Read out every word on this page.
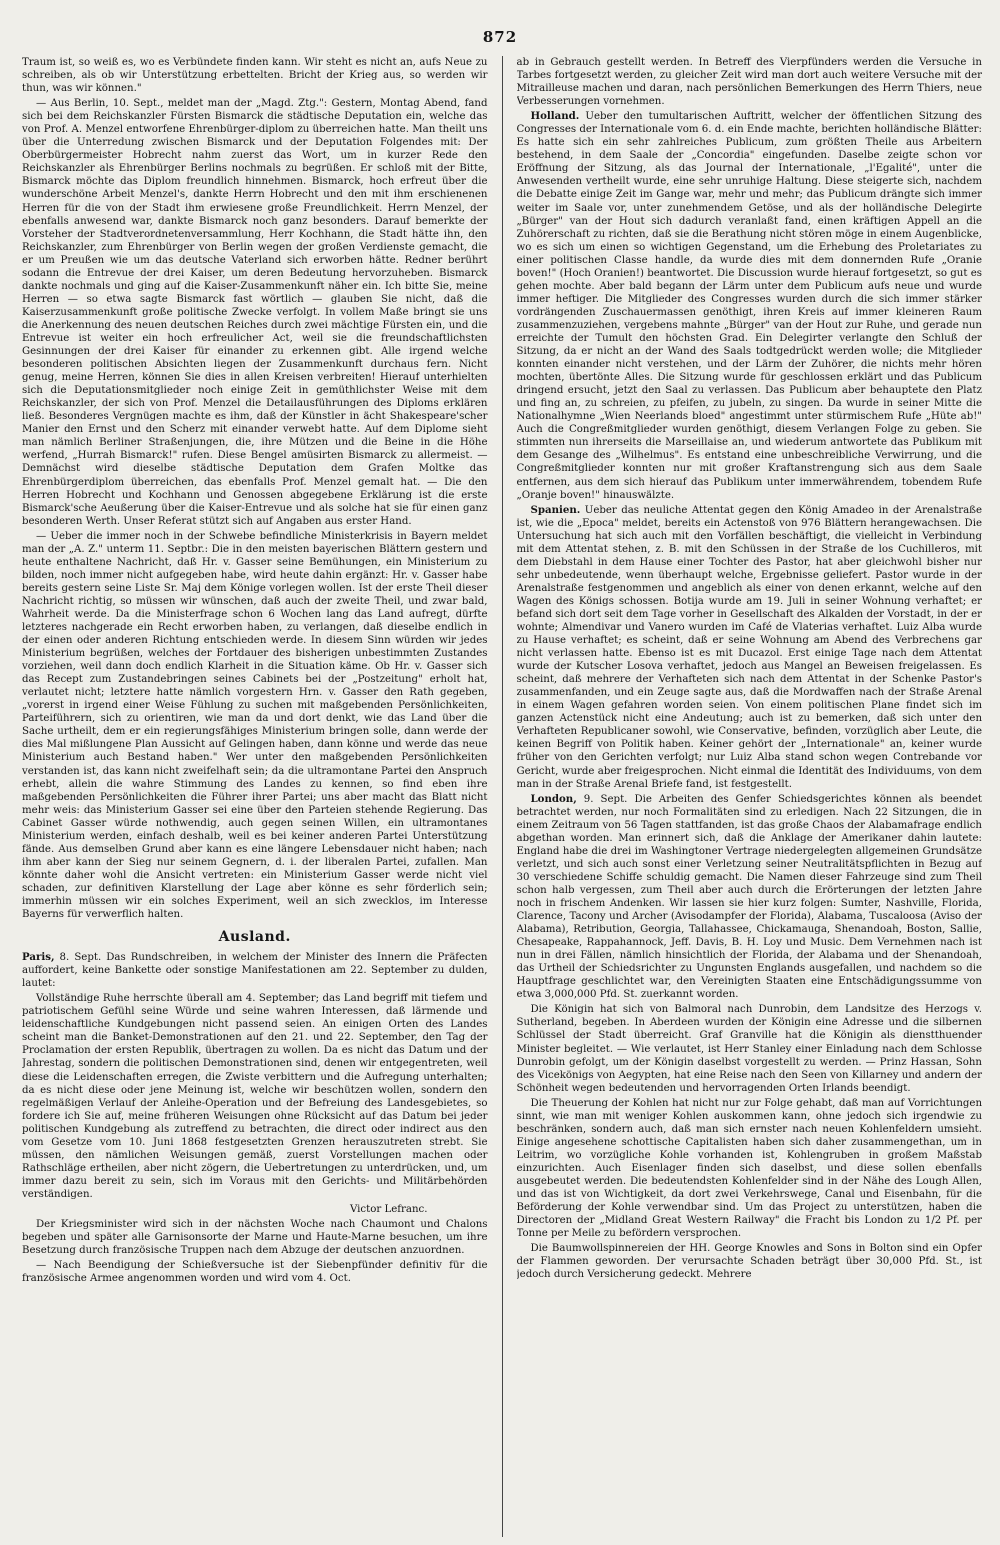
872

Traum ist, so weiß es, wo es Verbündete finden kann. Wir steht es nicht an, aufs Neue zu schreiben, als ob wir Unterstützung erbettelten. Bricht der Krieg aus, so werden wir thun, was wir können."

— Aus Berlin, 10. Sept., meldet man der „Magd. Ztg.": Gestern, Montag Abend, fand sich bei dem Reichskanzler Fürsten Bismarck die städtische Deputation ein, welche das von Prof. A. Menzel entworfene Ehrenbürger-diplom zu überreichen hatte. Man theilt uns über die Unterredung zwischen Bismarck und der Deputation Folgendes mit: Der Oberbürgermeister Hobrecht nahm zuerst das Wort, um in kurzer Rede den Reichskanzler als Ehrenbürger Berlins nochmals zu begrüßen. Er schloß mit der Bitte, Bismarck möchte das Diplom freundlich hinnehmen. Bismarck, hoch erfreut über die wunderschöne Arbeit Menzel's, dankte Herrn Hobrecht und den mit ihm erschienenen Herren für die von der Stadt ihm erwiesene große Freundlichkeit. Herrn Menzel, der ebenfalls anwesend war, dankte Bismarck noch ganz besonders. Darauf bemerkte der Vorsteher der Stadtverordnetenversammlung, Herr Kochhann, die Stadt hätte ihn, den Reichskanzler, zum Ehrenbürger von Berlin wegen der großen Verdienste gemacht, die er um Preußen wie um das deutsche Vaterland sich erworben hätte. Redner berührt sodann die Entrevue der drei Kaiser, um deren Bedeutung hervorzuheben. Bismarck dankte nochmals und ging auf die Kaiser-Zusammenkunft näher ein. Ich bitte Sie, meine Herren — so etwa sagte Bismarck fast wörtlich — glauben Sie nicht, daß die Kaiserzusammenkunft große politische Zwecke verfolgt. In vollem Maße bringt sie uns die Anerkennung des neuen deutschen Reiches durch zwei mächtige Fürsten ein, und die Entrevue ist weiter ein hoch erfreulicher Act, weil sie die freundschaftlichsten Gesinnungen der drei Kaiser für einander zu erkennen gibt. Alle irgend welche besonderen politischen Absichten liegen der Zusammenkunft durchaus fern. Nicht genug, meine Herren, können Sie dies in allen Kreisen verbreiten! Hierauf unterhielten sich die Deputationsmitglieder noch einige Zeit in gemüthlichster Weise mit dem Reichskanzler, der sich von Prof. Menzel die Detailausführungen des Diploms erklären ließ. Besonderes Vergnügen machte es ihm, daß der Künstler in ächt Shakespeare'scher Manier den Ernst und den Scherz mit einander verwebt hatte. Auf dem Diplome sieht man nämlich Berliner Straßenjungen, die, ihre Mützen und die Beine in die Höhe werfend, „Hurrah Bismarck!" rufen. Diese Bengel amüsirten Bismarck zu allermeist. — Demnächst wird dieselbe städtische Deputation dem Grafen Moltke das Ehrenbürgerdiplom überreichen, das ebenfalls Prof. Menzel gemalt hat. — Die den Herren Hobrecht und Kochhann und Genossen abgegebene Erklärung ist die erste Bismarck'sche Aeußerung über die Kaiser-Entrevue und als solche hat sie für einen ganz besonderen Werth. Unser Referat stützt sich auf Angaben aus erster Hand.

— Ueber die immer noch in der Schwebe befindliche Ministerkrisis in Bayern meldet man der „A. Z." unterm 11. Septbr.: Die in den meisten bayerischen Blättern gestern und heute enthaltene Nachricht, daß Hr. v. Gasser seine Bemühungen, ein Ministerium zu bilden, noch immer nicht aufgegeben habe, wird heute dahin ergänzt: Hr. v. Gasser habe bereits gestern seine Liste Sr. Maj dem Könige vorlegen wollen. Ist der erste Theil dieser Nachricht richtig, so müssen wir wünschen, daß auch der zweite Theil, und zwar bald, Wahrheit werde. Da die Ministerfrage schon 6 Wochen lang das Land aufregt, dürfte letzteres nachgerade ein Recht erworben haben, zu verlangen, daß dieselbe endlich in der einen oder anderen Richtung entschieden werde. In diesem Sinn würden wir jedes Ministerium begrüßen, welches der Fortdauer des bisherigen unbestimmten Zustandes vorziehen, weil dann doch endlich Klarheit in die Situation käme. Ob Hr. v. Gasser sich das Recept zum Zustandebringen seines Cabinets bei der „Postzeitung" erholt hat, verlautet nicht; letztere hatte nämlich vorgestern Hrn. v. Gasser den Rath gegeben, „vorerst in irgend einer Weise Fühlung zu suchen mit maßgebenden Persönlichkeiten, Parteiführern, sich zu orientiren, wie man da und dort denkt, wie das Land über die Sache urtheilt, dem er ein regierungsfähiges Ministerium bringen solle, dann werde der dies Mal mißlungene Plan Aussicht auf Gelingen haben, dann könne und werde das neue Ministerium auch Bestand haben." Wer unter den maßgebenden Persönlichkeiten verstanden ist, das kann nicht zweifelhaft sein; da die ultramontane Partei den Anspruch erhebt, allein die wahre Stimmung des Landes zu kennen, so find eben ihre maßgebenden Persönlichkeiten die Führer ihrer Partei; uns aber macht das Blatt nicht mehr weis: das Ministerium Gasser sei eine über den Parteien stehende Regierung. Das Cabinet Gasser würde nothwendig, auch gegen seinen Willen, ein ultramontanes Ministerium werden, einfach deshalb, weil es bei keiner anderen Partei Unterstützung fände. Aus demselben Grund aber kann es eine längere Lebensdauer nicht haben; nach ihm aber kann der Sieg nur seinem Gegnern, d. i. der liberalen Partei, zufallen. Man könnte daher wohl die Ansicht vertreten: ein Ministerium Gasser werde nicht viel schaden, zur definitiven Klarstellung der Lage aber könne es sehr förderlich sein; immerhin müssen wir ein solches Experiment, weil an sich zwecklos, im Interesse Bayerns für verwerflich halten.

Ausland.

Paris, 8. Sept. Das Rundschreiben, in welchem der Minister des Innern die Präfecten auffordert, keine Bankette oder sonstige Manifestationen am 22. September zu dulden, lautet:

Vollständige Ruhe herrschte überall am 4. September; das Land begriff mit tiefem und patriotischem Gefühl seine Würde und seine wahren Interessen, daß lärmende und leidenschaftliche Kundgebungen nicht passend seien. An einigen Orten des Landes scheint man die Banket-Demonstrationen auf den 21. und 22. September, den Tag der Proclamation der ersten Republik, übertragen zu wollen. Da es nicht das Datum und der Jahrestag, sondern die politischen Demonstrationen sind, denen wir entgegentreten, weil diese die Leidenschaften erregen, die Zwiste verbittern und die Aufregung unterhalten; da es nicht diese oder jene Meinung ist, welche wir beschützen wollen, sondern den regelmäßigen Verlauf der Anleihe-Operation und der Befreiung des Landesgebietes, so fordere ich Sie auf, meine früheren Weisungen ohne Rücksicht auf das Datum bei jeder politischen Kundgebung als zutreffend zu betrachten, die direct oder indirect aus den vom Gesetze vom 10. Juni 1868 festgesetzten Grenzen herauszutreten strebt. Sie müssen, den nämlichen Weisungen gemäß, zuerst Vorstellungen machen oder Rathschläge ertheilen, aber nicht zögern, die Uebertretungen zu unterdrücken, und, um immer dazu bereit zu sein, sich im Voraus mit den Gerichts- und Militärbehörden verständigen.

Victor Lefranc.

Der Kriegsminister wird sich in der nächsten Woche nach Chaumont und Chalons begeben und später alle Garnisonsorte der Marne und Haute-Marne besuchen, um ihre Besetzung durch französische Truppen nach dem Abzuge der deutschen anzuordnen.

— Nach Beendigung der Schießversuche ist der Siebenpfünder definitiv für die französische Armee angenommen worden und wird vom 4. Oct.

ab in Gebrauch gestellt werden. In Betreff des Vierpfünders werden die Versuche in Tarbes fortgesetzt werden, zu gleicher Zeit wird man dort auch weitere Versuche mit der Mitrailleuse machen und daran, nach persönlichen Bemerkungen des Herrn Thiers, neue Verbesserungen vornehmen.

Holland. Ueber den tumultarischen Auftritt, welcher der öffentlichen Sitzung des Congresses der Internationale vom 6. d. ein Ende machte, berichten holländische Blätter: Es hatte sich ein sehr zahlreiches Publicum, zum größten Theile aus Arbeitern bestehend, in dem Saale der „Concordia" eingefunden. Daselbe zeigte schon vor Eröffnung der Sitzung, als das Journal der Internationale, „l'Egalité", unter die Anwesenden vertheilt wurde, eine sehr unruhige Haltung. Diese steigerte sich, nachdem die Debatte einige Zeit im Gange war, mehr und mehr; das Publicum drängte sich immer weiter im Saale vor, unter zunehmendem Getöse, und als der holländische Delegirte „Bürger" van der Hout sich dadurch veranlaßt fand, einen kräftigen Appell an die Zuhörerschaft zu richten, daß sie die Berathung nicht stören möge in einem Augenblicke, wo es sich um einen so wichtigen Gegenstand, um die Erhebung des Proletariates zu einer politischen Classe handle, da wurde dies mit dem donnernden Rufe „Oranie boven!" (Hoch Oranien!) beantwortet. Die Discussion wurde hierauf fortgesetzt, so gut es gehen mochte. Aber bald begann der Lärm unter dem Publicum aufs neue und wurde immer heftiger. Die Mitglieder des Congresses wurden durch die sich immer stärker vordrängenden Zuschauermassen genöthigt, ihren Kreis auf immer kleineren Raum zusammenzuziehen, vergebens mahnte „Bürger" van der Hout zur Ruhe, und gerade nun erreichte der Tumult den höchsten Grad. Ein Delegirter verlangte den Schluß der Sitzung, da er nicht an der Wand des Saals todtgedrückt werden wolle; die Mitglieder konnten einander nicht verstehen, und der Lärm der Zuhörer, die nichts mehr hören mochten, übertönte Alles. Die Sitzung wurde für geschlossen erklärt und das Publicum dringend ersucht, jetzt den Saal zu verlassen. Das Publicum aber behauptete den Platz und fing an, zu schreien, zu pfeifen, zu jubeln, zu singen. Da wurde in seiner Mitte die Nationalhymne „Wien Neerlands bloed" angestimmt unter stürmischem Rufe „Hüte ab!" Auch die Congreßmitglieder wurden genöthigt, diesem Verlangen Folge zu geben. Sie stimmten nun ihrerseits die Marseillaise an, und wiederum antwortete das Publikum mit dem Gesange des „Wilhelmus". Es entstand eine unbeschreibliche Verwirrung, und die Congreßmitglieder konnten nur mit großer Kraftanstrengung sich aus dem Saale entfernen, aus dem sich hierauf das Publikum unter immerwährendem, tobendem Rufe „Oranje boven!" hinauswälzte.

Spanien. Ueber das neuliche Attentat gegen den König Amadeo in der Arenalstraße ist, wie die „Epoca" meldet, bereits ein Actenstoß von 976 Blättern herangewachsen. Die Untersuchung hat sich auch mit den Vorfällen beschäftigt, die vielleicht in Verbindung mit dem Attentat stehen, z. B. mit den Schüssen in der Straße de los Cuchilleros, mit dem Diebstahl in dem Hause einer Tochter des Pastor, hat aber gleichwohl bisher nur sehr unbedeutende, wenn überhaupt welche, Ergebnisse geliefert. Pastor wurde in der Arenalstraße festgenommen und angeblich als einer von denen erkannt, welche auf den Wagen des Königs schossen. Botija wurde am 19. Juli in seiner Wohnung verhaftet; er befand sich dort seit dem Tage vorher in Gesellschaft des Alkalden der Vorstadt, in der er wohnte; Almendivar und Vanero wurden im Café de Vlaterias verhaftet. Luiz Alba wurde zu Hause verhaftet; es scheint, daß er seine Wohnung am Abend des Verbrechens gar nicht verlassen hatte. Ebenso ist es mit Ducazol. Erst einige Tage nach dem Attentat wurde der Kutscher Losova verhaftet, jedoch aus Mangel an Beweisen freigelassen. Es scheint, daß mehrere der Verhafteten sich nach dem Attentat in der Schenke Pastor's zusammenfanden, und ein Zeuge sagte aus, daß die Mordwaffen nach der Straße Arenal in einem Wagen gefahren worden seien. Von einem politischen Plane findet sich im ganzen Actenstück nicht eine Andeutung; auch ist zu bemerken, daß sich unter den Verhafteten Republicaner sowohl, wie Conservative, befinden, vorzüglich aber Leute, die keinen Begriff von Politik haben. Keiner gehört der „Internationale" an, keiner wurde früher von den Gerichten verfolgt; nur Luiz Alba stand schon wegen Contrebande vor Gericht, wurde aber freigesprochen. Nicht einmal die Identität des Individuums, von dem man in der Straße Arenal Briefe fand, ist festgestellt.

London, 9. Sept. Die Arbeiten des Genfer Schiedsgerichtes können als beendet betrachtet werden, nur noch Formalitäten sind zu erledigen. Nach 22 Sitzungen, die in einem Zeitraum von 56 Tagen stattfanden, ist das große Chaos der Alabamafrage endlich abgethan worden. Man erinnert sich, daß die Anklage der Amerikaner dahin lautete: England habe die drei im Washingtoner Vertrage niedergelegten allgemeinen Grundsätze verletzt, und sich auch sonst einer Verletzung seiner Neutralitätspflichten in Bezug auf 30 verschiedene Schiffe schuldig gemacht. Die Namen dieser Fahrzeuge sind zum Theil schon halb vergessen, zum Theil aber auch durch die Erörterungen der letzten Jahre noch in frischem Andenken. Wir lassen sie hier kurz folgen: Sumter, Nashville, Florida, Clarence, Tacony und Archer (Avisodampfer der Florida), Alabama, Tuscaloosa (Aviso der Alabama), Retribution, Georgia, Tallahassee, Chickamauga, Shenandoah, Boston, Sallie, Chesapeake, Rappahannock, Jeff. Davis, B. H. Loy und Music. Dem Vernehmen nach ist nun in drei Fällen, nämlich hinsichtlich der Florida, der Alabama und der Shenandoah, das Urtheil der Schiedsrichter zu Ungunsten Englands ausgefallen, und nachdem so die Hauptfrage geschlichtet war, den Vereinigten Staaten eine Entschädigungssumme von etwa 3,000,000 Pfd. St. zuerkannt worden.

Die Königin hat sich von Balmoral nach Dunrobin, dem Landsitze des Herzogs v. Sutherland, begeben. In Aberdeen wurden der Königin eine Adresse und die silbernen Schlüssel der Stadt überreicht. Graf Granville hat die Königin als dienstthuender Minister begleitet. — Wie verlautet, ist Herr Stanley einer Einladung nach dem Schlosse Dunrobin gefolgt, um der Königin daselbst vorgestellt zu werden. — Prinz Hassan, Sohn des Vicekönigs von Aegypten, hat eine Reise nach den Seen von Killarney und andern der Schönheit wegen bedeutenden und hervorragenden Orten Irlands beendigt.

Die Theuerung der Kohlen hat nicht nur zur Folge gehabt, daß man auf Vorrichtungen sinnt, wie man mit weniger Kohlen auskommen kann, ohne jedoch sich irgendwie zu beschränken, sondern auch, daß man sich ernster nach neuen Kohlenfeldern umsieht. Einige angesehene schottische Capitalisten haben sich daher zusammengethan, um in Leitrim, wo vorzügliche Kohle vorhanden ist, Kohlengruben in großem Maßstab einzurichten. Auch Eisenlager finden sich daselbst, und diese sollen ebenfalls ausgebeutet werden. Die bedeutendsten Kohlenfelder sind in der Nähe des Lough Allen, und das ist von Wichtigkeit, da dort zwei Verkehrswege, Canal und Eisenbahn, für die Beförderung der Kohle verwendbar sind. Um das Project zu unterstützen, haben die Directoren der „Midland Great Western Railway" die Fracht bis London zu 1/2 Pf. per Tonne per Meile zu befördern versprochen.

Die Baumwollspinnereien der HH. George Knowles and Sons in Bolton sind ein Opfer der Flammen geworden. Der verursachte Schaden beträgt über 30,000 Pfd. St., ist jedoch durch Versicherung gedeckt. Mehrere
